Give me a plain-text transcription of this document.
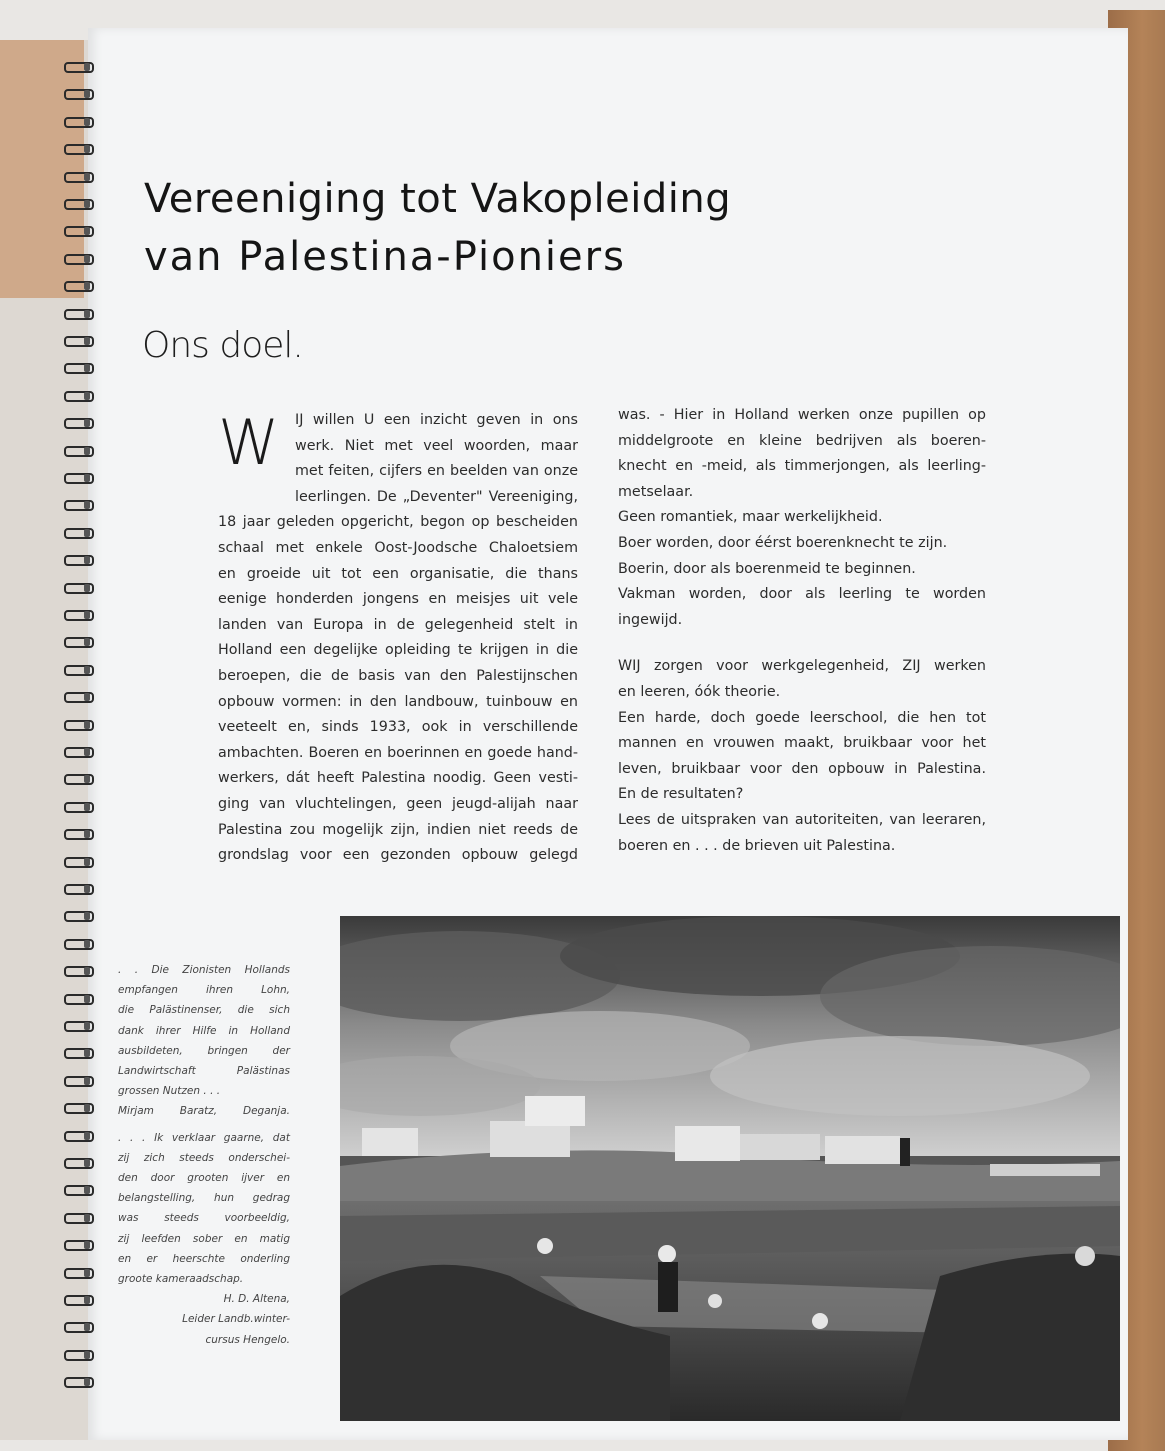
Vereeniging tot Vakopleiding
van Palestina-Pioniers
Ons doel.
W	IJ willen U een inzicht geven in ons
werk. Niet met veel woorden, maar
met feiten, cijfers en beelden van onze
leerlingen. De „Deventer" Vereeniging,
18 jaar geleden opgericht, begon op bescheiden
schaal met enkele Oost-Joodsche Chaloetsiem
en groeide uit tot een organisatie, die thans
eenige honderden jongens en meisjes uit vele
landen van Europa in de gelegenheid stelt in
Holland een degelijke opleiding te krijgen in die
beroepen, die de basis van den Palestijnschen
opbouw vormen: in den landbouw, tuinbouw en
veeteelt en, sinds 1933, ook in verschillende
ambachten. Boeren en boerinnen en goede hand-
werkers, dát heeft Palestina noodig. Geen vesti-
ging van vluchtelingen, geen jeugd-alijah naar
Palestina zou mogelijk zijn, indien niet reeds de
grondslag voor een gezonden opbouw gelegd
was. - Hier in Holland werken onze pupillen op
middelgroote en kleine bedrijven als boeren-
knecht en -meid, als timmerjongen, als leerling-
metselaar.
Geen romantiek, maar werkelijkheid.
Boer worden, door éérst boerenknecht te zijn.
Boerin, door als boerenmeid te beginnen.
Vakman worden, door als leerling te worden
ingewijd.
WIJ zorgen voor werkgelegenheid, ZIJ werken
en leeren, óók theorie.
Een harde, doch goede leerschool, die hen tot
mannen en vrouwen maakt, bruikbaar voor het
leven, bruikbaar voor den opbouw in Palestina.
En de resultaten?
Lees de uitspraken van autoriteiten, van leeraren,
boeren en . . . de brieven uit Palestina.
. . Die Zionisten Hollands
empfangen ihren Lohn,
die Palästinenser, die sich
dank ihrer Hilfe in Holland
ausbildeten, bringen der
Landwirtschaft Palästinas
grossen Nutzen . . .
Mirjam Baratz, Deganja.
. . . Ik verklaar gaarne, dat
zij zich steeds onderschei-
den door grooten ijver en
belangstelling, hun gedrag
was steeds voorbeeldig,
zij leefden sober en matig
en er heerschte onderling
groote kameraadschap.
H. D. Altena,
Leider Landb.winter-
cursus Hengelo.
